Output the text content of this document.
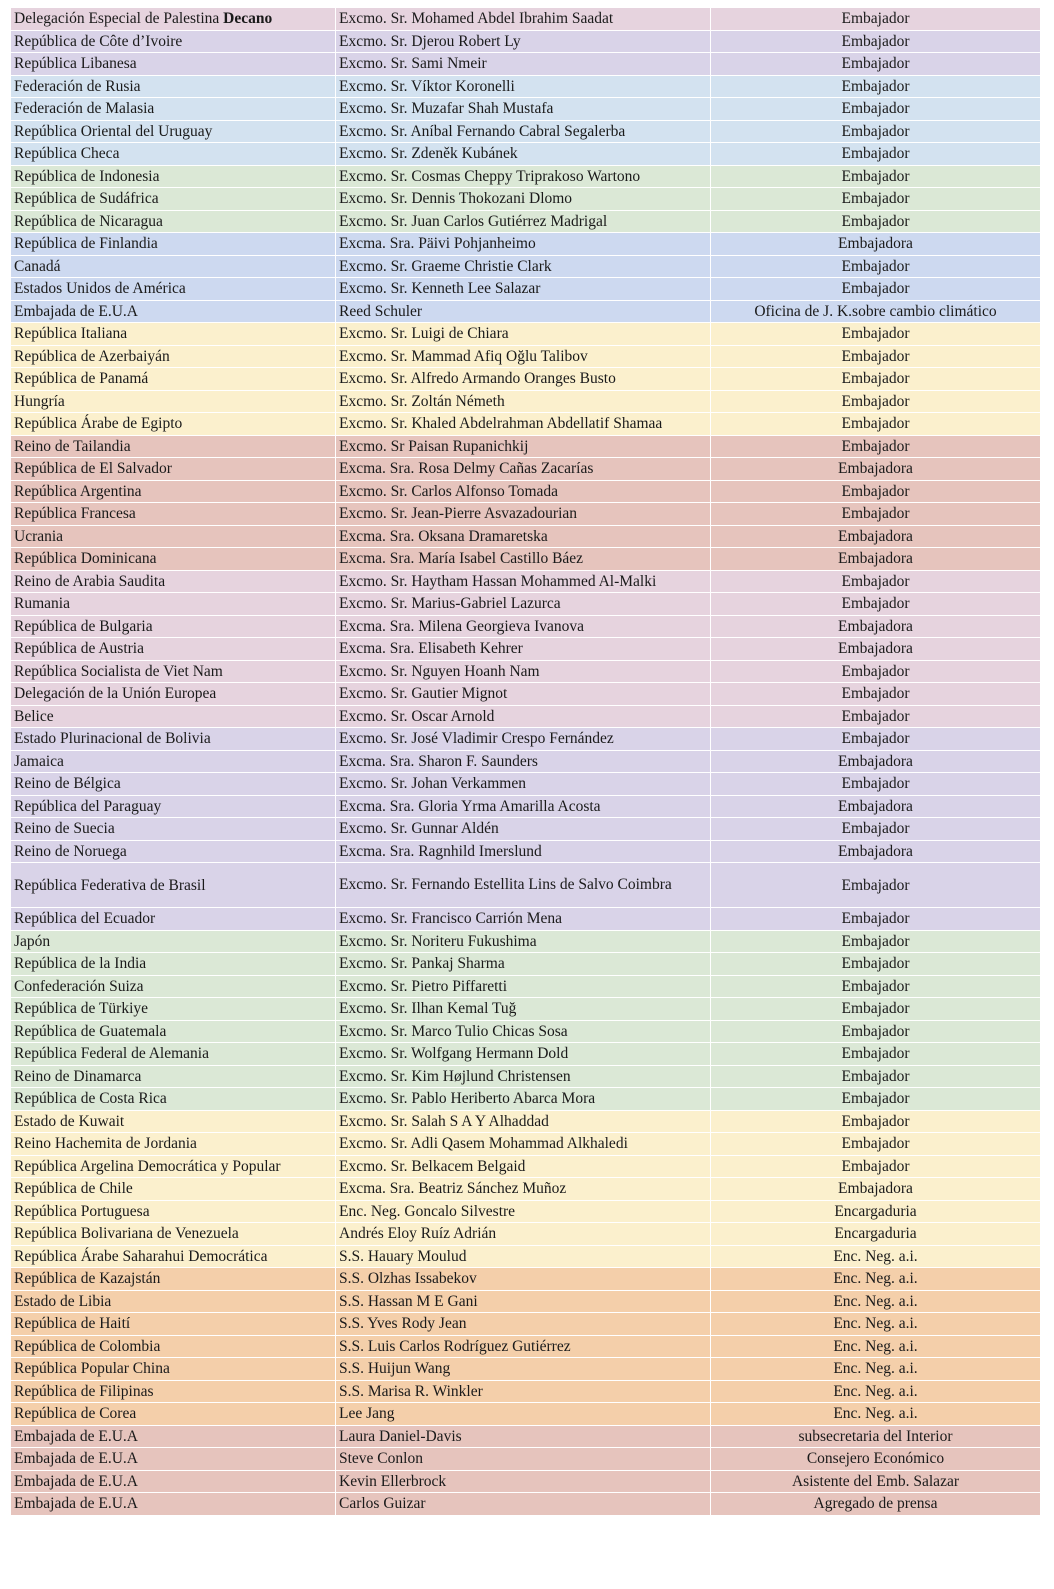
Delegación Especial de Palestina Decano	Excmo. Sr. Mohamed Abdel Ibrahim Saadat	Embajador
República de Côte d’Ivoire	Excmo. Sr. Djerou Robert Ly	Embajador
República Libanesa	Excmo. Sr. Sami Nmeir	Embajador
Federación de Rusia	Excmo. Sr. Víktor Koronelli	Embajador
Federación de Malasia	Excmo. Sr. Muzafar Shah Mustafa	Embajador
República Oriental del Uruguay	Excmo. Sr. Aníbal Fernando Cabral Segalerba	Embajador
República Checa	Excmo. Sr. Zdeněk Kubánek	Embajador
República de Indonesia	Excmo. Sr. Cosmas Cheppy Triprakoso Wartono	Embajador
República de Sudáfrica	Excmo. Sr. Dennis Thokozani Dlomo	Embajador
República de Nicaragua	Excmo. Sr. Juan Carlos Gutiérrez Madrigal	Embajador
República de Finlandia	Excma. Sra. Päivi Pohjanheimo	Embajadora
Canadá	Excmo. Sr. Graeme Christie Clark	Embajador
Estados Unidos de América	Excmo. Sr. Kenneth Lee Salazar	Embajador
Embajada de E.U.A	Reed Schuler	Oficina de J. K.sobre cambio climático
República Italiana	Excmo. Sr. Luigi de Chiara	Embajador
República de Azerbaiyán	Excmo. Sr. Mammad Afiq Oğlu Talibov	Embajador
República de Panamá	Excmo. Sr. Alfredo Armando Oranges Busto	Embajador
Hungría	Excmo. Sr. Zoltán Németh	Embajador
República Árabe de Egipto	Excmo. Sr. Khaled Abdelrahman Abdellatif Shamaa	Embajador
Reino de Tailandia	Excmo. Sr Paisan Rupanichkij	Embajador
República de El Salvador	Excma. Sra. Rosa Delmy Cañas Zacarías	Embajadora
República Argentina	Excmo. Sr. Carlos Alfonso Tomada	Embajador
República Francesa	Excmo. Sr. Jean-Pierre Asvazadourian	Embajador
Ucrania	Excma. Sra. Oksana Dramaretska	Embajadora
República Dominicana	Excma. Sra. María Isabel Castillo Báez	Embajadora
Reino de Arabia Saudita	Excmo. Sr. Haytham Hassan Mohammed Al-Malki	Embajador
Rumania	Excmo. Sr. Marius-Gabriel Lazurca	Embajador
República de Bulgaria	Excma. Sra. Milena Georgieva Ivanova	Embajadora
República de Austria	Excma. Sra. Elisabeth Kehrer	Embajadora
República Socialista de Viet Nam	Excmo. Sr. Nguyen Hoanh Nam	Embajador
Delegación de la Unión Europea	Excmo. Sr. Gautier Mignot	Embajador
Belice	Excmo. Sr. Oscar Arnold	Embajador
Estado Plurinacional de Bolivia	Excmo. Sr. José Vladimir Crespo Fernández	Embajador
Jamaica	Excma. Sra. Sharon F. Saunders	Embajadora
Reino de Bélgica	Excmo. Sr. Johan Verkammen	Embajador
República del Paraguay	Excma. Sra. Gloria Yrma Amarilla Acosta	Embajadora
Reino de Suecia	Excmo. Sr. Gunnar Aldén	Embajador
Reino de Noruega	Excma. Sra. Ragnhild Imerslund	Embajadora
República Federativa de Brasil	Excmo. Sr. Fernando Estellita Lins de Salvo Coimbra	Embajador
República del Ecuador	Excmo. Sr. Francisco Carrión Mena	Embajador
Japón	Excmo. Sr. Noriteru Fukushima	Embajador
República de la India	Excmo. Sr. Pankaj Sharma	Embajador
Confederación Suiza	Excmo. Sr. Pietro Piffaretti	Embajador
República de Türkiye	Excmo. Sr. Ilhan Kemal Tuğ	Embajador
República de Guatemala	Excmo. Sr. Marco Tulio Chicas Sosa	Embajador
República Federal de Alemania	Excmo. Sr. Wolfgang Hermann Dold	Embajador
Reino de Dinamarca	Excmo. Sr. Kim Højlund Christensen	Embajador
República de Costa Rica	Excmo. Sr. Pablo Heriberto Abarca Mora	Embajador
Estado de Kuwait	Excmo. Sr. Salah S A Y Alhaddad	Embajador
Reino Hachemita de Jordania	Excmo. Sr. Adli Qasem Mohammad Alkhaledi	Embajador
República Argelina Democrática y Popular	Excmo. Sr. Belkacem Belgaid	Embajador
República de Chile	Excma. Sra. Beatriz Sánchez Muñoz	Embajadora
República Portuguesa	Enc. Neg. Goncalo Silvestre	Encargaduria
República Bolivariana de Venezuela	Andrés Eloy Ruíz Adrián	Encargaduria
República Árabe Saharahui Democrática	S.S. Hauary Moulud	Enc. Neg. a.i.
República de Kazajstán	S.S. Olzhas Issabekov	Enc. Neg. a.i.
Estado de Libia	S.S. Hassan M E Gani	Enc. Neg. a.i.
República de Haití	S.S. Yves Rody Jean	Enc. Neg. a.i.
República de Colombia	S.S. Luis Carlos Rodríguez Gutiérrez	Enc. Neg. a.i.
República Popular China	S.S. Huijun Wang	Enc. Neg. a.i.
República de Filipinas	S.S. Marisa R. Winkler	Enc. Neg. a.i.
República de Corea	Lee Jang	Enc. Neg. a.i.
Embajada de E.U.A	Laura Daniel-Davis	subsecretaria del Interior
Embajada de E.U.A	Steve Conlon	Consejero Económico
Embajada de E.U.A	Kevin Ellerbrock	Asistente del Emb. Salazar
Embajada de E.U.A	Carlos Guizar	Agregado de prensa
